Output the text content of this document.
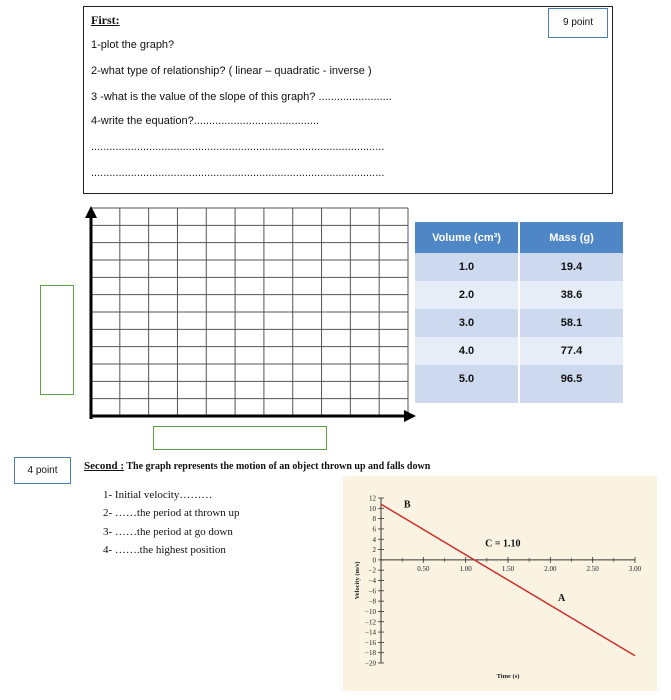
First:	9 point
1-plot the graph?
2-what type of relationship? ( linear – quadratic - inverse )
3 -what is the value of the slope of this graph? ........................
4-write the equation?.........................................
................................................................................................
................................................................................................
Volume (cm³)	Mass (g)
1.0	19.4
2.0	38.6
3.0	58.1
4.0	77.4
5.0	96.5

4 point	Second : The graph represents the motion of an object thrown up and falls down
1- Initial velocity………
2- ……the period at thrown up
3- ……the period at go down
4- …….the highest position
12
10
8
6
4
2
0
−2
−4
−6
−8
−10
−12
−14
−16
−18
−20
0.50	1.00	1.50	2.00	2.50	3.00
B
C = 1.10
A
Time (s)
Velocity (m/s)
